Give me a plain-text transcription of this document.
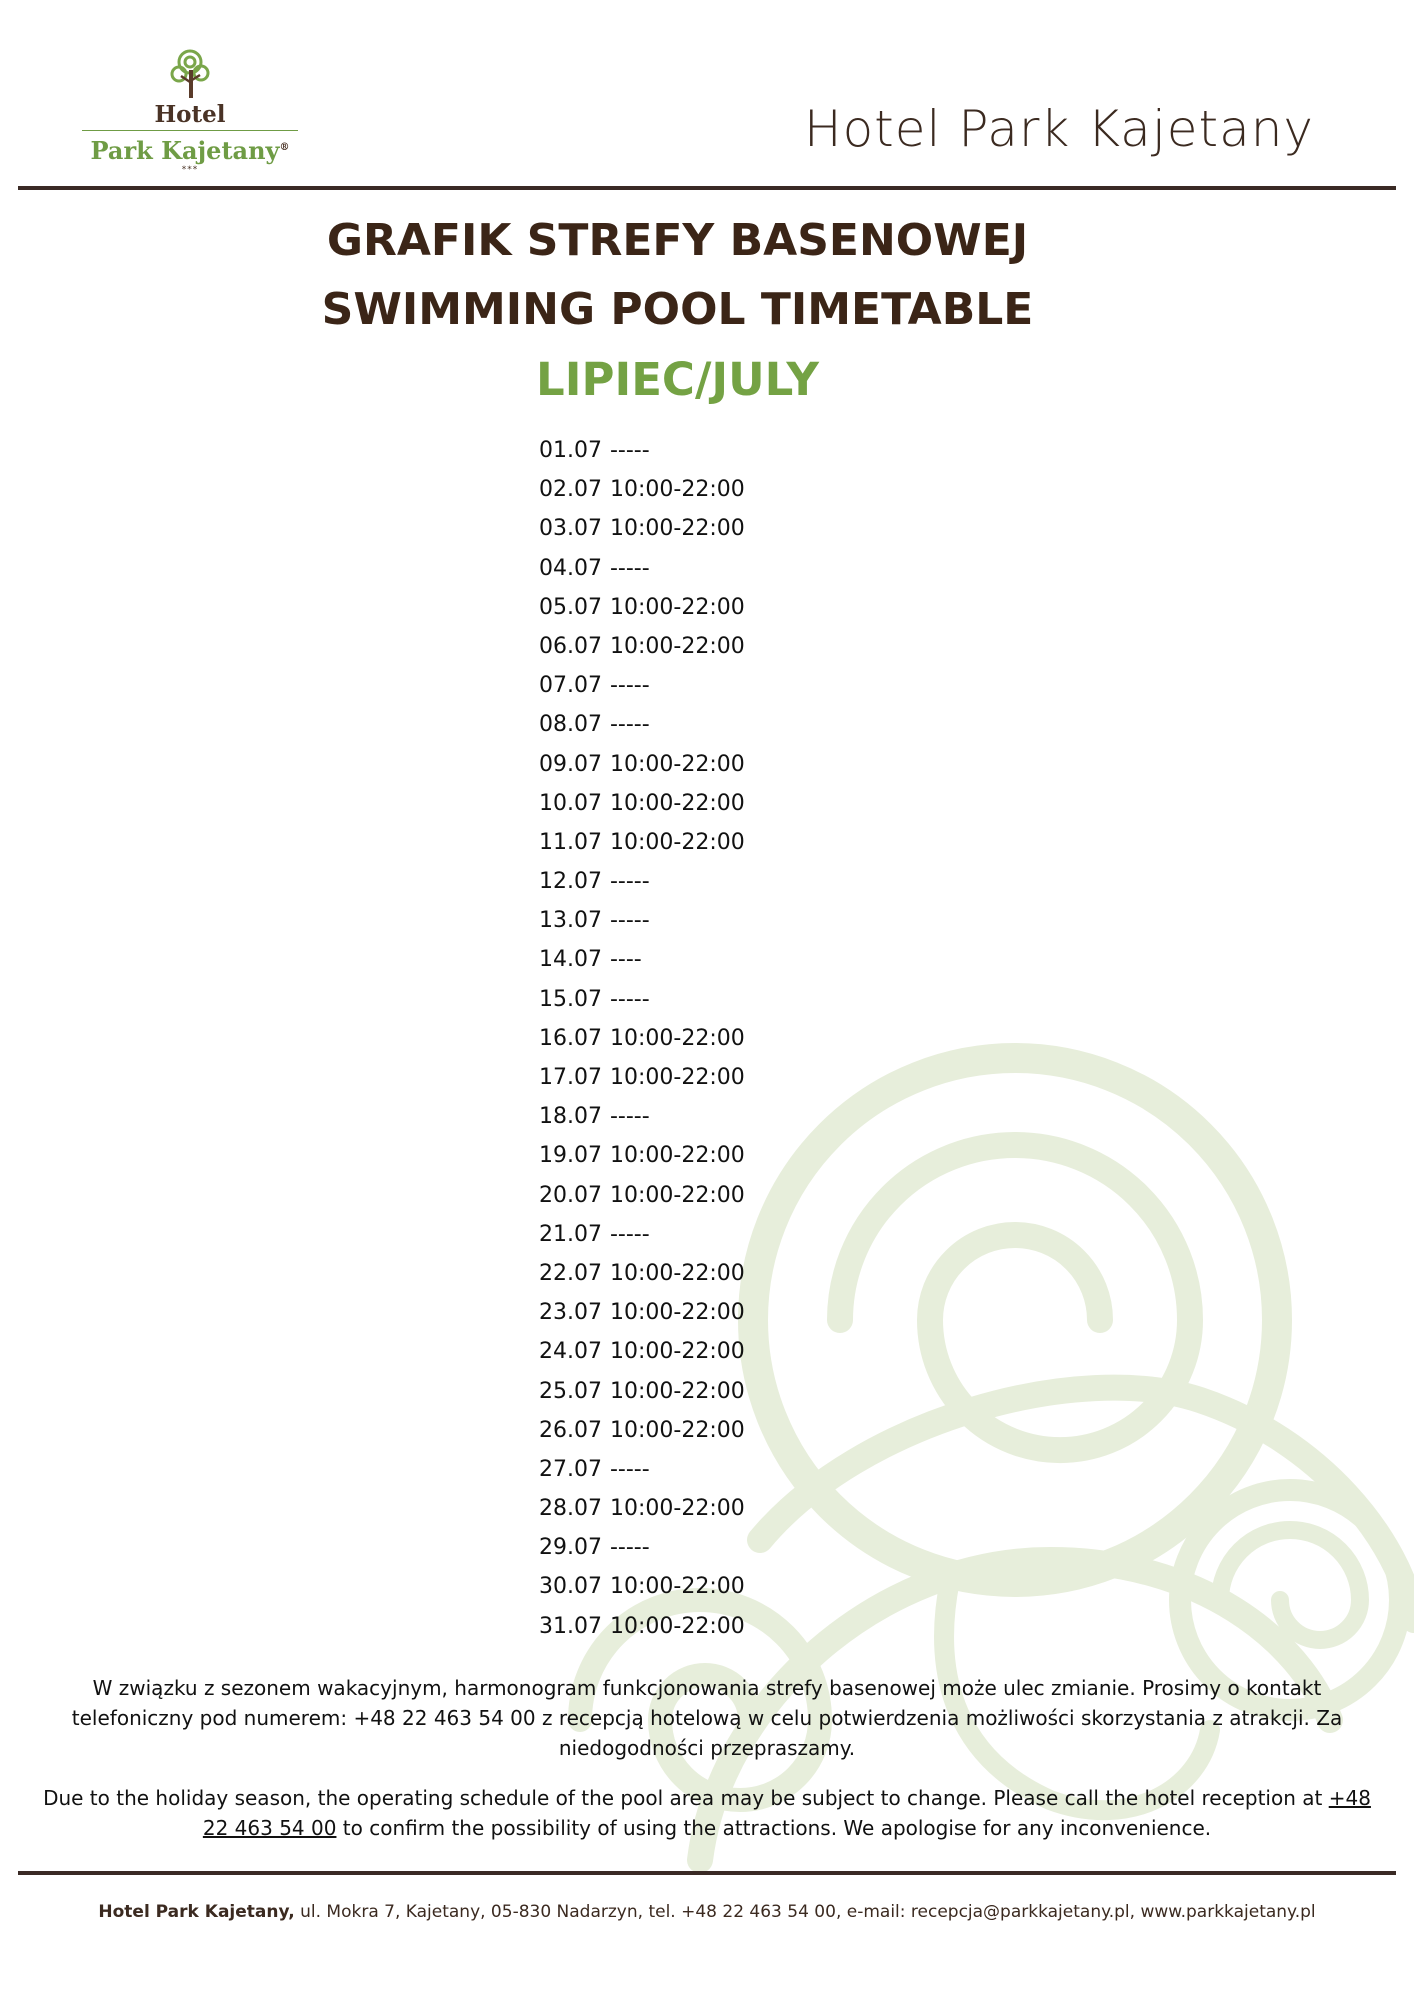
Hotel
Park Kajetany®
***
Hotel Park Kajetany
GRAFIK STREFY BASENOWEJ
SWIMMING POOL TIMETABLE
LIPIEC/JULY
01.07 -----
02.07 10:00-22:00
03.07 10:00-22:00
04.07 -----
05.07 10:00-22:00
06.07 10:00-22:00
07.07 -----
08.07 -----
09.07 10:00-22:00
10.07 10:00-22:00
11.07 10:00-22:00
12.07 -----
13.07 -----
14.07 ----
15.07 -----
16.07 10:00-22:00
17.07 10:00-22:00
18.07 -----
19.07 10:00-22:00
20.07 10:00-22:00
21.07 -----
22.07 10:00-22:00
23.07 10:00-22:00
24.07 10:00-22:00
25.07 10:00-22:00
26.07 10:00-22:00
27.07 -----
28.07 10:00-22:00
29.07 -----
30.07 10:00-22:00
31.07 10:00-22:00

W związku z sezonem wakacyjnym, harmonogram funkcjonowania strefy basenowej może ulec zmianie. Prosimy o kontakt telefoniczny pod numerem: +48 22 463 54 00 z recepcją hotelową w celu potwierdzenia możliwości skorzystania z atrakcji. Za niedogodności przepraszamy.

Due to the holiday season, the operating schedule of the pool area may be subject to change. Please call the hotel reception at +48 22 463 54 00 to confirm the possibility of using the attractions. We apologise for any inconvenience.

Hotel Park Kajetany, ul. Mokra 7, Kajetany, 05-830 Nadarzyn, tel. +48 22 463 54 00, e-mail: recepcja@parkkajetany.pl, www.parkkajetany.pl
